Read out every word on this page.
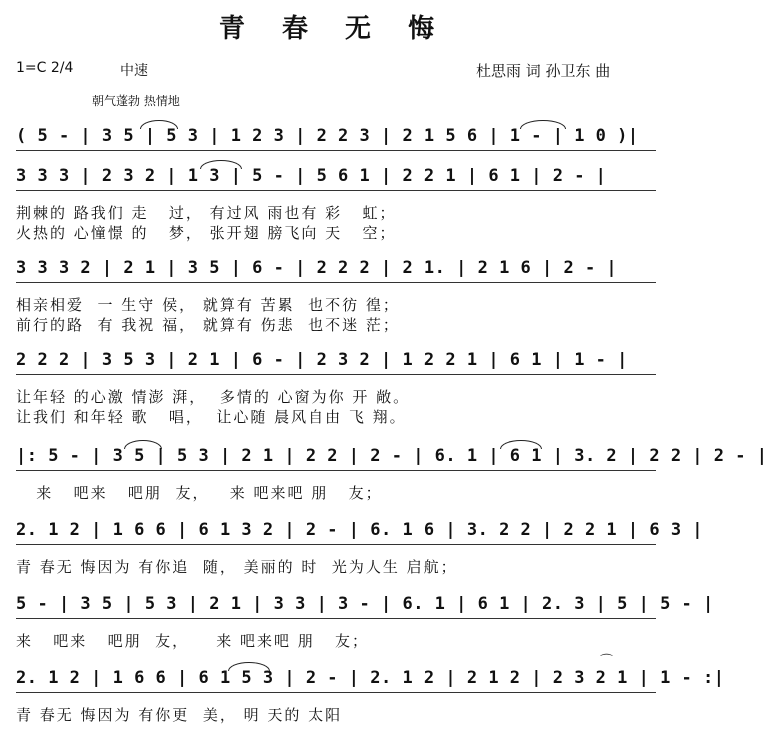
青 春 无 悔
1=C 2/4	中速	杜思雨 词 孙卫东 曲
朝气蓬勃 热情地
( 5 - | 3 5 | 5 3 | 1 2 3 | 2 2 3 | 2 1 5 6 | 1 - | 1 0 )|
3 3 3 | 2 3 2 | 1 3 | 5 - | 5 6 1 | 2 2 1 | 6 1 | 2 - |
荆棘的 路我们 走   过， 有过风 雨也有 彩   虹；
火热的 心憧憬 的   梦， 张开翅 膀飞向 天   空；
3 3 3 2 | 2 1 | 3 5 | 6 - | 2 2 2 | 2 1. | 2 1 6 | 2 - |
相亲相爱  一 生守 侯， 就算有 苦累  也不彷 徨；
前行的路  有 我祝 福， 就算有 伤悲  也不迷 茫；
2 2 2 | 3 5 3 | 2 1 | 6 - | 2 3 2 | 1 2 2 1 | 6 1 | 1 - |
让年轻 的心激 情澎 湃，  多情的 心窗为你 开 敞。
让我们 和年轻 歌   唱，  让心随 晨风自由 飞 翔。
|: 5 - | 3 5 | 5 3 | 2 1 | 2 2 | 2 - | 6. 1 | 6 1 | 3. 2 | 2 2 | 2 - |
来   吧来   吧朋  友，   来 吧来吧 朋   友；
2. 1 2 | 1 6 6 | 6 1 3 2 | 2 - | 6. 1 6 | 3. 2 2 | 2 2 1 | 6 3 |
青 春无 悔因为 有你追  随， 美丽的 时  光为人生 启航；
5 - | 3 5 | 5 3 | 2 1 | 3 3 | 3 - | 6. 1 | 6 1 | 2. 3 | 5 | 5 - |
来   吧来   吧朋  友，    来 吧来吧 朋   友；
2. 1 2 | 1 6 6 | 6 1 5 3 | 2 - | 2. 1 2 | 2 1 2 | 2 3 2 1 | 1 - :|
青 春无 悔因为 有你更  美， 明 天的 太阳
⌒
